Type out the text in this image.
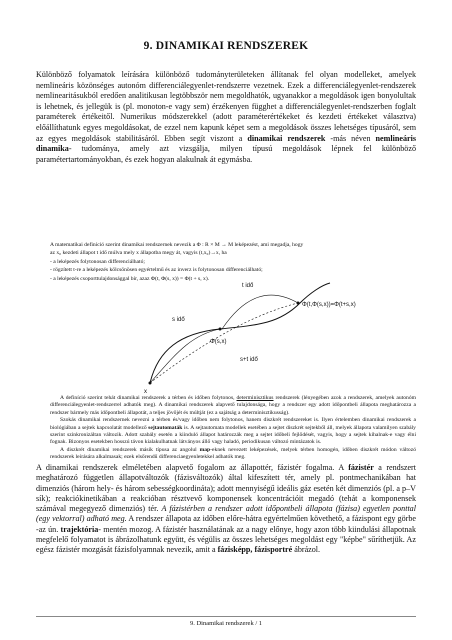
9. DINAMIKAI RENDSZEREK

Különböző folyamatok leírására különböző tudományterületeken állítanak fel olyan modelleket, amelyek nemlineáris közönséges autonóm differenciálegyenlet-rendszerre vezetnek. Ezek a differenciálegyenlet-rendszerek nemlinearitásukból eredően analitikusan legtöbbször nem megoldhatók, ugyanakkor a megoldások igen bonyolultak is lehetnek, és jellegük is (pl. monoton-e vagy sem) érzékenyen függhet a differenciálegyenlet-rendszerben foglalt paraméterek értékeitől. Numerikus módszerekkel (adott paraméterértékeket és kezdeti értékeket választva) előállíthatunk egyes megoldásokat, de ezzel nem kapunk képet sem a megoldások összes lehetséges típusáról, sem az egyes megoldások stabilitásáról. Ebben segít viszont a dinamikai rendszerek -más néven nemlineáris dinamika- tudománya, amely azt vizsgálja, milyen típusú megoldások lépnek fel különböző paramétertartományokban, és ezek hogyan alakulnak át egymásba.

A matematikai definíció szerint dinamikai rendszernek nevezik a Φ : R × M → M leképezést, ami megadja, hogy

az x₀ kezdeti állapot t idő múlva mely x állapotba megy át, vagyis (t,x₀)→x, ha

- a leképezés folytonosan differenciálható;

- rögzített t-re a leképezés kölcsönösen egyértelmű és az inverz is folytonosan differenciálható;

- a leképezés csoporttulajdonsággal bír, azaz Φ(t, Φ(s, x)) = Φ(t + s, x).

t idő
s idő
Φ(s,x)
Φ(t,Φ(s,x))=Φ(t+s,x)
s+t idő
x

A definíció szerint tehát dinamikai rendszerek a térben és időben folytonos, determinisztikus rendszerek (lényegében azok a rendszerek, amelyek autonóm differenciálegyenlet-rendszerrel adhatók meg). A dinamikai rendszerek alapvető tulajdonsága, hogy a rendszer egy adott időpontbeli állapota meghatározza a rendszer bármely más időpontbeli állapotát, a teljes jövőjét és múltját (ez a sajátság a determinisztikusság).

Szokás dinamikai rendszernek nevezni a térben és/vagy időben nem folytonos, hanem diszkrét rendszereket is. Ilyen értelemben dinamikai rendszerek a biológiában a sejtek kapcsolatát modellező sejtautomaták is. A sejtautomata modellek esetében a sejtet diszkrét sejtekből áll, melyek állapota valamilyen szabály szerint szinkronizáltan változik. Adott szabály esetén a kiinduló állapot határozzák meg a sejtet időbeli fejlődését, vagyis, hogy a sejtek kihalnak-e vagy élni fognak. Bizonyos esetekben hosszú távon kialakulhatnak látványos állő vagy haladó, periodikusan változó mintázatok is.

A diszkrét dinamikai rendszerek másik típusa az angolul map-eknek nevezett leképezések, melyek térben homogén, időben diszkrét módon változó rendszerek leírására alkalmasak; ezek elsőrendű differenciaegyenletekkel adhatók meg.

A dinamikai rendszerek elméletében alapvető fogalom az állapottér, fázistér fogalma. A fázistér a rendszert meghatározó független állapotváltozók (fázisváltozók) által kifeszített tér, amely pl. pontmechanikában hat dimenziós (három hely- és három sebességkoordináta); adott mennyiségű ideális gáz esetén két dimenziós (pl. a p–V sík); reakciókinetikában a reakcióban résztvevő komponensek koncentrációit megadó (tehát a komponensek számával megegyező dimenziós) tér. A fázistérben a rendszer adott időpontbeli állapota (fázisa) egyetlen ponttal (egy vektorral) adható meg. A rendszer állapota az időben előre-hátra egyértelműen követhető, a fázispont egy görbe -az ún. trajektória- mentén mozog. A fázistér használatának az a nagy előnye, hogy azon több kiindulási állapotnak megfelelő folyamatot is ábrázolhatunk együtt, és végülis az összes lehetséges megoldást egy "képbe" sűríthetjük. Az egész fázistér mozgását fázisfolyamnak nevezik, amit a fázisképp, fázisportré ábrázol.

9. Dinamikai rendszerek / 1
